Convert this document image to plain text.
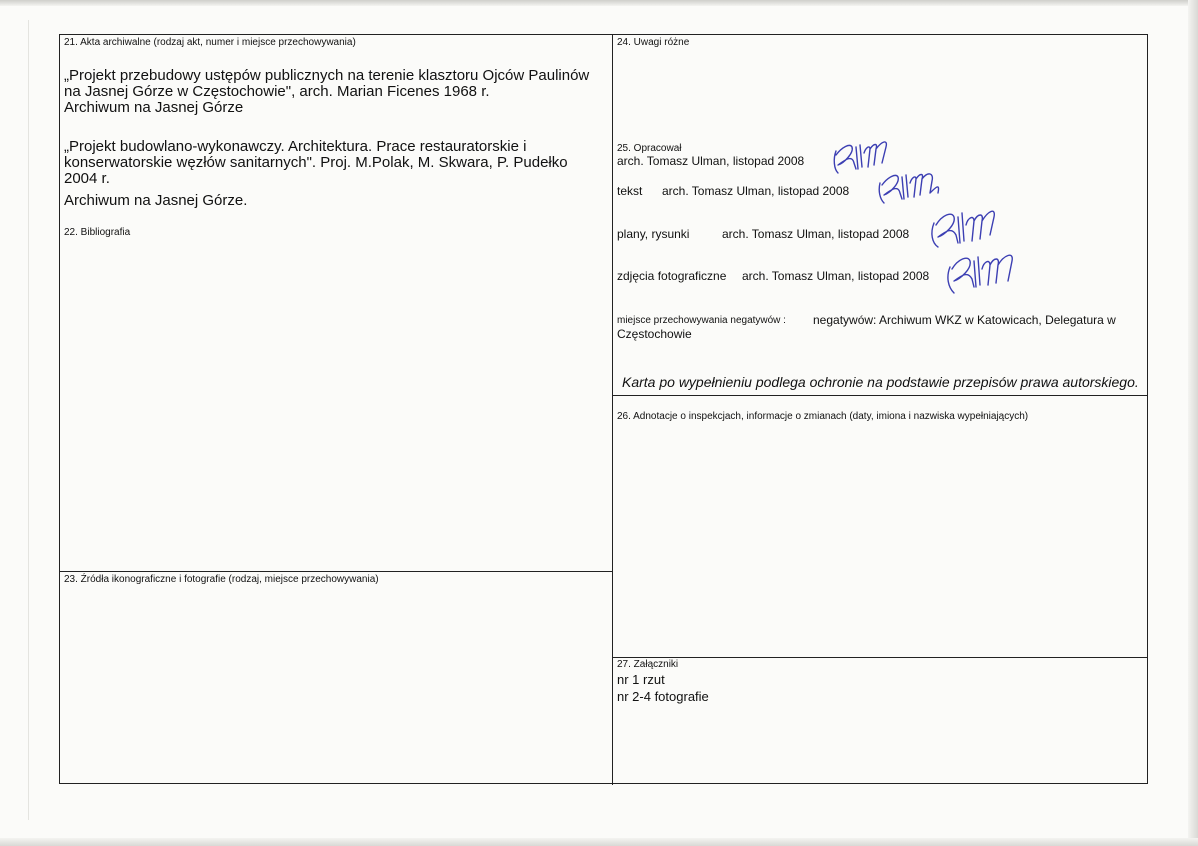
21. Akta archiwalne (rodzaj akt, numer i miejsce przechowywania)
„Projekt przebudowy ustępów publicznych na terenie klasztoru Ojców Paulinów
na Jasnej Górze w Częstochowie", arch. Marian Ficenes 1968 r.
Archiwum na Jasnej Górze
„Projekt budowlano-wykonawczy. Architektura. Prace restauratorskie i
konserwatorskie węzłów sanitarnych". Proj. M.Polak, M. Skwara, P. Pudełko
2004 r.
Archiwum na Jasnej Górze.
22. Bibliografia
23. Źródła ikonograficzne i fotografie (rodzaj, miejsce przechowywania)
24. Uwagi różne
25. Opracował
arch. Tomasz Ulman, listopad 2008
tekst arch. Tomasz Ulman, listopad 2008
plany, rysunki	arch. Tomasz Ulman, listopad 2008
zdjęcia fotograficzne arch. Tomasz Ulman, listopad 2008
miejsce przechowywania negatywów : negatywów: Archiwum WKZ w Katowicach, Delegatura w
Częstochowie
Karta po wypełnieniu podlega ochronie na podstawie przepisów prawa autorskiego.
26. Adnotacje o inspekcjach, informacje o zmianach (daty, imiona i nazwiska wypełniających)
27. Załączniki
nr 1 rzut
nr 2-4 fotografie
